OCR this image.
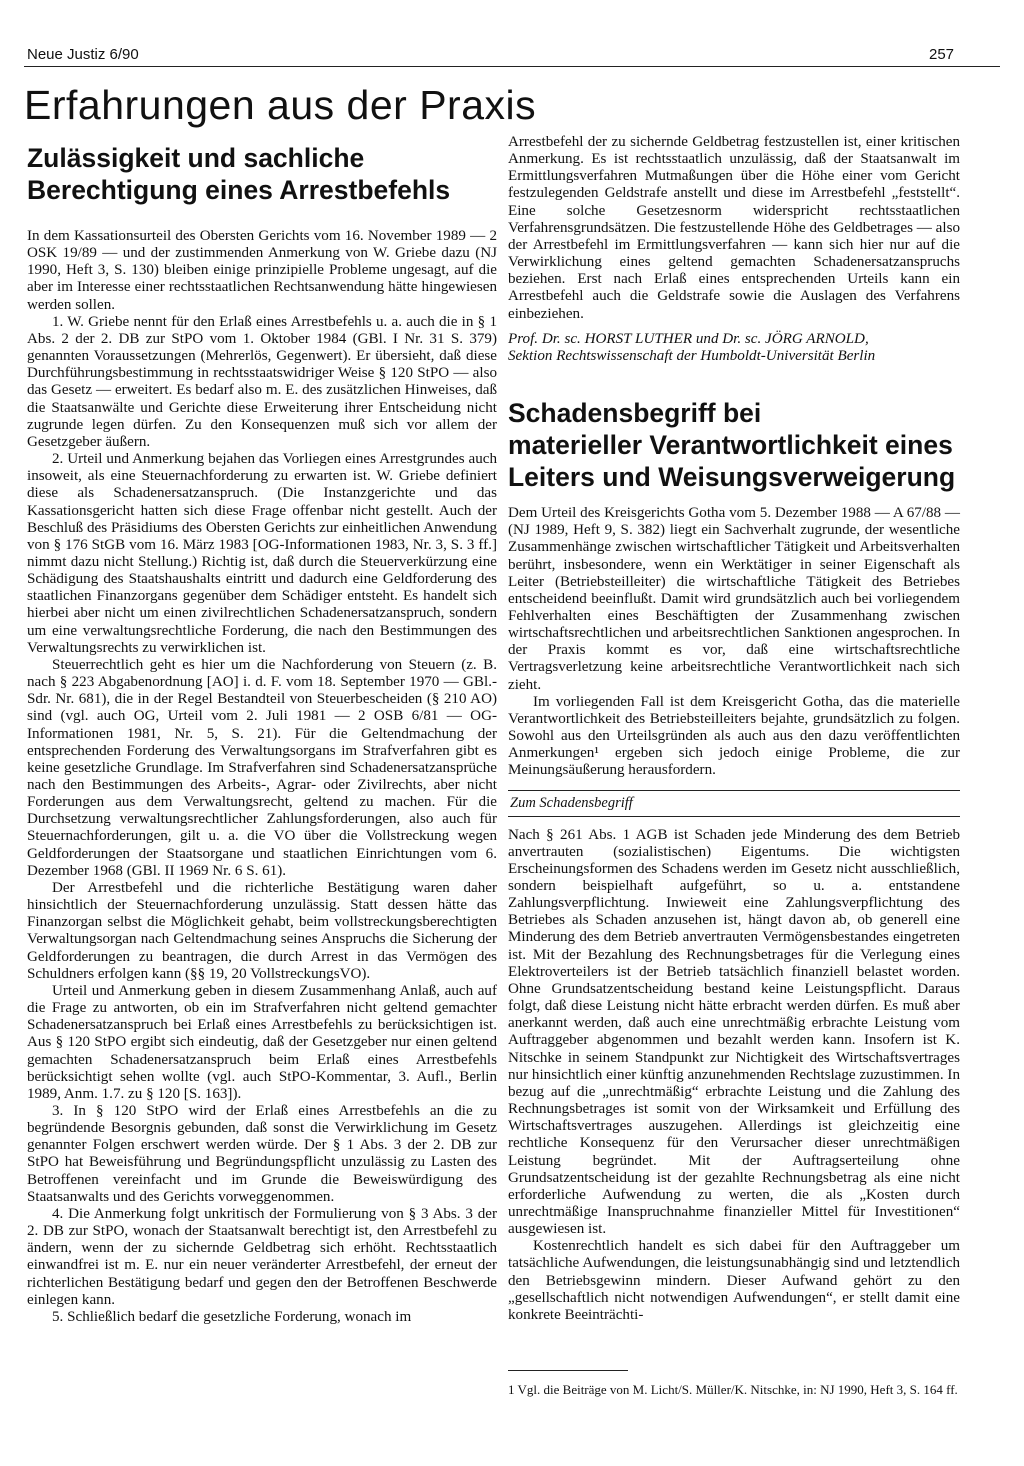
Neue Justiz 6/90	257
Erfahrungen aus der Praxis
Zulässigkeit und sachliche
Berechtigung eines Arrestbefehls

In dem Kassationsurteil des Obersten Gerichts vom 16. November 1989 — 2 OSK 19/89 — und der zustimmenden Anmerkung von W. Griebe dazu (NJ 1990, Heft 3, S. 130) bleiben einige prinzipielle Probleme ungesagt, auf die aber im Interesse einer rechtsstaatlichen Rechtsanwendung hätte hingewiesen werden sollen.

1. W. Griebe nennt für den Erlaß eines Arrestbefehls u. a. auch die in § 1 Abs. 2 der 2. DB zur StPO vom 1. Oktober 1984 (GBl. I Nr. 31 S. 379) genannten Voraussetzungen (Mehrerlös, Gegenwert). Er übersieht, daß diese Durchführungsbestimmung in rechtsstaatswidriger Weise § 120 StPO — also das Gesetz — erweitert. Es bedarf also m. E. des zusätzlichen Hinweises, daß die Staatsanwälte und Gerichte diese Erweiterung ihrer Entscheidung nicht zugrunde legen dürfen. Zu den Konsequenzen muß sich vor allem der Gesetzgeber äußern.

2. Urteil und Anmerkung bejahen das Vorliegen eines Arrestgrundes auch insoweit, als eine Steuernachforderung zu erwarten ist. W. Griebe definiert diese als Schadenersatzanspruch. (Die Instanzgerichte und das Kassationsgericht hatten sich diese Frage offenbar nicht gestellt. Auch der Beschluß des Präsidiums des Obersten Gerichts zur einheitlichen Anwendung von § 176 StGB vom 16. März 1983 [OG-Informationen 1983, Nr. 3, S. 3 ff.] nimmt dazu nicht Stellung.) Richtig ist, daß durch die Steuerverkürzung eine Schädigung des Staatshaushalts eintritt und dadurch eine Geldforderung des staatlichen Finanzorgans gegenüber dem Schädiger entsteht. Es handelt sich hierbei aber nicht um einen zivilrechtlichen Schadenersatzanspruch, sondern um eine verwaltungsrechtliche Forderung, die nach den Bestimmungen des Verwaltungsrechts zu verwirklichen ist.

Steuerrechtlich geht es hier um die Nachforderung von Steuern (z. B. nach § 223 Abgabenordnung [AO] i. d. F. vom 18. September 1970 — GBl.-Sdr. Nr. 681), die in der Regel Bestandteil von Steuerbescheiden (§ 210 AO) sind (vgl. auch OG, Urteil vom 2. Juli 1981 — 2 OSB 6/81 — OG-Informationen 1981, Nr. 5, S. 21). Für die Geltendmachung der entsprechenden Forderung des Verwaltungsorgans im Strafverfahren gibt es keine gesetzliche Grundlage. Im Strafverfahren sind Schadenersatzansprüche nach den Bestimmungen des Arbeits-, Agrar- oder Zivilrechts, aber nicht Forderungen aus dem Verwaltungsrecht, geltend zu machen. Für die Durchsetzung verwaltungsrechtlicher Zahlungsforderungen, also auch für Steuernachforderungen, gilt u. a. die VO über die Vollstreckung wegen Geldforderungen der Staatsorgane und staatlichen Einrichtungen vom 6. Dezember 1968 (GBl. II 1969 Nr. 6 S. 61).

Der Arrestbefehl und die richterliche Bestätigung waren daher hinsichtlich der Steuernachforderung unzulässig. Statt dessen hätte das Finanzorgan selbst die Möglichkeit gehabt, beim vollstreckungsberechtigten Verwaltungsorgan nach Geltendmachung seines Anspruchs die Sicherung der Geldforderungen zu beantragen, die durch Arrest in das Vermögen des Schuldners erfolgen kann (§§ 19, 20 VollstreckungsVO).

Urteil und Anmerkung geben in diesem Zusammenhang Anlaß, auch auf die Frage zu antworten, ob ein im Strafverfahren nicht geltend gemachter Schadenersatzanspruch bei Erlaß eines Arrestbefehls zu berücksichtigen ist. Aus § 120 StPO ergibt sich eindeutig, daß der Gesetzgeber nur einen geltend gemachten Schadenersatzanspruch beim Erlaß eines Arrestbefehls berücksichtigt sehen wollte (vgl. auch StPO-Kommentar, 3. Aufl., Berlin 1989, Anm. 1.7. zu § 120 [S. 163]).

3. In § 120 StPO wird der Erlaß eines Arrestbefehls an die zu begründende Besorgnis gebunden, daß sonst die Verwirklichung im Gesetz genannter Folgen erschwert werden würde. Der § 1 Abs. 3 der 2. DB zur StPO hat Beweisführung und Begründungspflicht unzulässig zu Lasten des Betroffenen vereinfacht und im Grunde die Beweiswürdigung des Staatsanwalts und des Gerichts vorweggenommen.

4. Die Anmerkung folgt unkritisch der Formulierung von § 3 Abs. 3 der 2. DB zur StPO, wonach der Staatsanwalt berechtigt ist, den Arrestbefehl zu ändern, wenn der zu sichernde Geldbetrag sich erhöht. Rechtsstaatlich einwandfrei ist m. E. nur ein neuer veränderter Arrestbefehl, der erneut der richterlichen Bestätigung bedarf und gegen den der Betroffenen Beschwerde einlegen kann.

5. Schließlich bedarf die gesetzliche Forderung, wonach im

Arrestbefehl der zu sichernde Geldbetrag festzustellen ist, einer kritischen Anmerkung. Es ist rechtsstaatlich unzulässig, daß der Staatsanwalt im Ermittlungsverfahren Mutmaßungen über die Höhe einer vom Gericht festzulegenden Geldstrafe anstellt und diese im Arrestbefehl „feststellt“. Eine solche Gesetzesnorm widerspricht rechtsstaatlichen Verfahrensgrundsätzen. Die festzustellende Höhe des Geldbetrages — also der Arrestbefehl im Ermittlungsverfahren — kann sich hier nur auf die Verwirklichung eines geltend gemachten Schadenersatzanspruchs beziehen. Erst nach Erlaß eines entsprechenden Urteils kann ein Arrestbefehl auch die Geldstrafe sowie die Auslagen des Verfahrens einbeziehen.

Prof. Dr. sc. HORST LUTHER und Dr. sc. JÖRG ARNOLD,

Sektion Rechtswissenschaft der Humboldt-Universität Berlin

Schadensbegriff bei
materieller Verantwortlichkeit eines
Leiters und Weisungsverweigerung

Dem Urteil des Kreisgerichts Gotha vom 5. Dezember 1988 — A 67/88 — (NJ 1989, Heft 9, S. 382) liegt ein Sachverhalt zugrunde, der wesentliche Zusammenhänge zwischen wirtschaftlicher Tätigkeit und Arbeitsverhalten berührt, insbesondere, wenn ein Werktätiger in seiner Eigenschaft als Leiter (Betriebsteilleiter) die wirtschaftliche Tätigkeit des Betriebes entscheidend beeinflußt. Damit wird grundsätzlich auch bei vorliegendem Fehlverhalten eines Beschäftigten der Zusammenhang zwischen wirtschaftsrechtlichen und arbeitsrechtlichen Sanktionen angesprochen. In der Praxis kommt es vor, daß eine wirtschaftsrechtliche Vertragsverletzung keine arbeitsrechtliche Verantwortlichkeit nach sich zieht.

Im vorliegenden Fall ist dem Kreisgericht Gotha, das die materielle Verantwortlichkeit des Betriebsteilleiters bejahte, grundsätzlich zu folgen. Sowohl aus den Urteilsgründen als auch aus den dazu veröffentlichten Anmerkungen¹ ergeben sich jedoch einige Probleme, die zur Meinungsäußerung herausfordern.

Zum Schadensbegriff

Nach § 261 Abs. 1 AGB ist Schaden jede Minderung des dem Betrieb anvertrauten (sozialistischen) Eigentums. Die wichtigsten Erscheinungsformen des Schadens werden im Gesetz nicht ausschließlich, sondern beispielhaft aufgeführt, so u. a. entstandene Zahlungsverpflichtung. Inwieweit eine Zahlungsverpflichtung des Betriebes als Schaden anzusehen ist, hängt davon ab, ob generell eine Minderung des dem Betrieb anvertrauten Vermögensbestandes eingetreten ist. Mit der Bezahlung des Rechnungsbetrages für die Verlegung eines Elektroverteilers ist der Betrieb tatsächlich finanziell belastet worden. Ohne Grundsatzentscheidung bestand keine Leistungspflicht. Daraus folgt, daß diese Leistung nicht hätte erbracht werden dürfen. Es muß aber anerkannt werden, daß auch eine unrechtmäßig erbrachte Leistung vom Auftraggeber abgenommen und bezahlt werden kann. Insofern ist K. Nitschke in seinem Standpunkt zur Nichtigkeit des Wirtschaftsvertrages nur hinsichtlich einer künftig anzunehmenden Rechtslage zuzustimmen. In bezug auf die „unrechtmäßig“ erbrachte Leistung und die Zahlung des Rechnungsbetrages ist somit von der Wirksamkeit und Erfüllung des Wirtschaftsvertrages auszugehen. Allerdings ist gleichzeitig eine rechtliche Konsequenz für den Verursacher dieser unrechtmäßigen Leistung begründet. Mit der Auftragserteilung ohne Grundsatzentscheidung ist der gezahlte Rechnungsbetrag als eine nicht erforderliche Aufwendung zu werten, die als „Kosten durch unrechtmäßige Inanspruchnahme finanzieller Mittel für Investitionen“ ausgewiesen ist.

Kostenrechtlich handelt es sich dabei für den Auftraggeber um tatsächliche Aufwendungen, die leistungsunabhängig sind und letztendlich den Betriebsgewinn mindern. Dieser Aufwand gehört zu den „gesellschaftlich nicht notwendigen Aufwendungen“, er stellt damit eine konkrete Beeinträchti-

1 Vgl. die Beiträge von M. Licht/S. Müller/K. Nitschke, in: NJ 1990, Heft 3, S. 164 ff.
